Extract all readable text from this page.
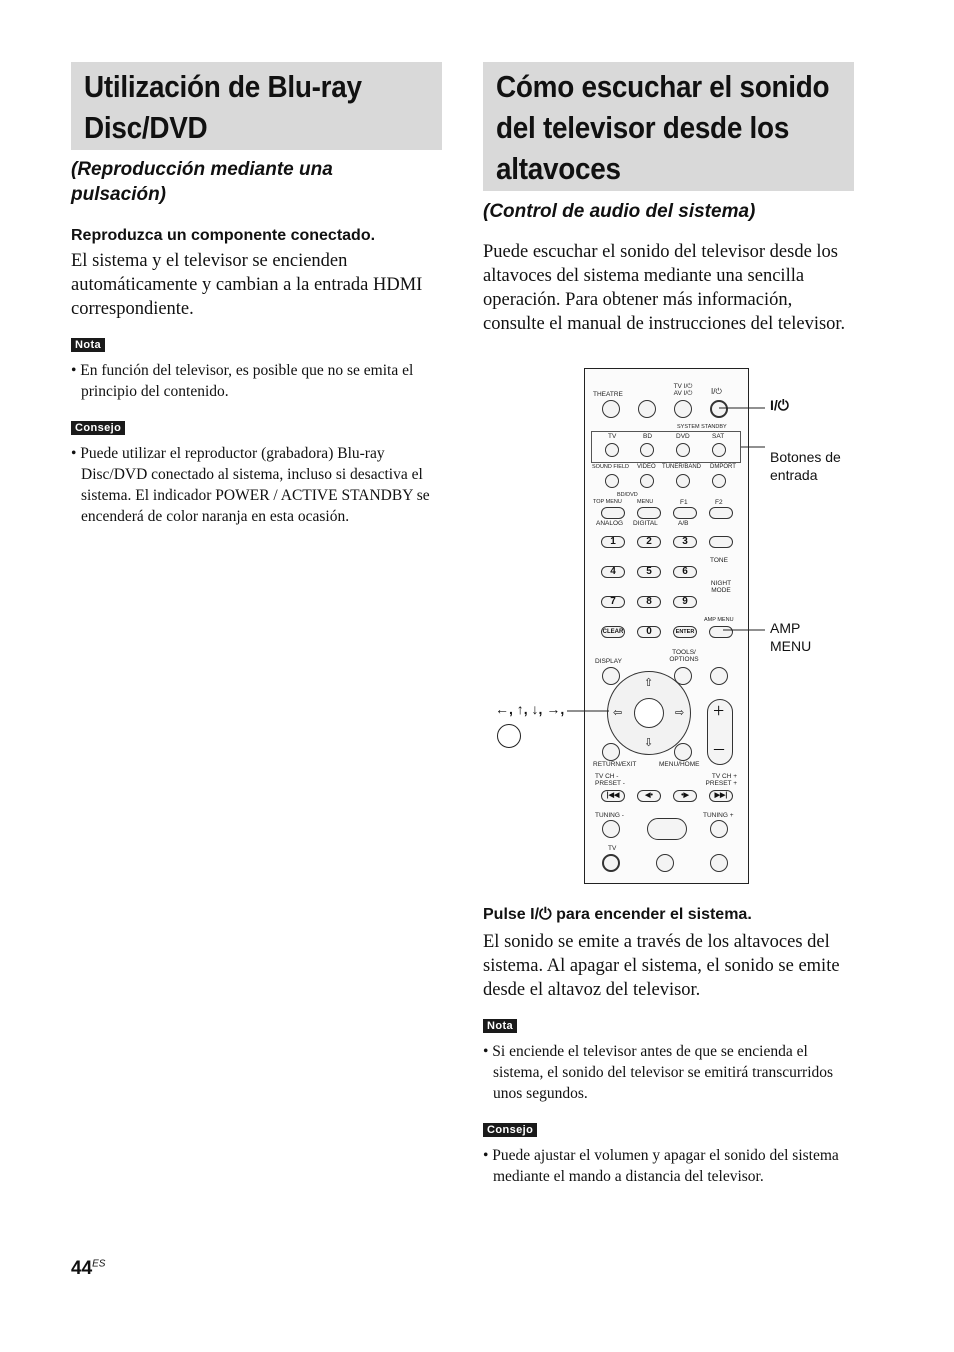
Utilización de Blu-ray Disc/DVD
(Reproducción mediante una pulsación)
Reproduzca un componente conectado.

El sistema y el televisor se encienden automáticamente y cambian a la entrada HDMI correspondiente.

Nota

• En función del televisor, es posible que no se emita el principio del contenido.

Consejo

• Puede utilizar el reproductor (grabadora) Blu-ray Disc/DVD conectado al sistema, incluso si desactiva el sistema. El indicador POWER / ACTIVE STANDBY se encenderá de color naranja en esta ocasión.

Cómo escuchar el sonido del televisor desde los altavoces
(Control de audio del sistema)

Puede escuchar el sonido del televisor desde los altavoces del sistema mediante una sencilla operación. Para obtener más información, consulte el manual de instrucciones del televisor.

THEATRE
TV I/⏻ AV I/⏻	I/⏻
SYSTEM STANDBY
TV	BD	DVD	SAT
SOUND FIELD VIDEO TUNER/BAND DMPORT
BD/DVD
TOP MENU	MENU	F1	F2
ANALOG DIGITAL	A/B
1	2	3
TONE
4	5	6
NIGHT MODE
7	8	9
AMP MENU
CLEAR	0	ENTER
TOOLS/ OPTIONS
DISPLAY
⇧
⇩
⇦	⇨ +
–
RETURN/EXIT	MENU/HOME
TV CH - PRESET -
TV CH + PRESET +
|◀◀	◀•	•▶	▶▶|
TUNING -	TUNING +
TV
I/⏻
Botones de entrada
AMP MENU
←, ↑, ↓, →,
Pulse I/⏻ para encender el sistema.

El sonido se emite a través de los altavoces del sistema. Al apagar el sistema, el sonido se emite desde el altavoz del televisor.

Nota

• Si enciende el televisor antes de que se encienda el sistema, el sonido del televisor se emitirá transcurridos unos segundos.

Consejo

• Puede ajustar el volumen y apagar el sonido del sistema mediante el mando a distancia del televisor.

$44^{ES}$
